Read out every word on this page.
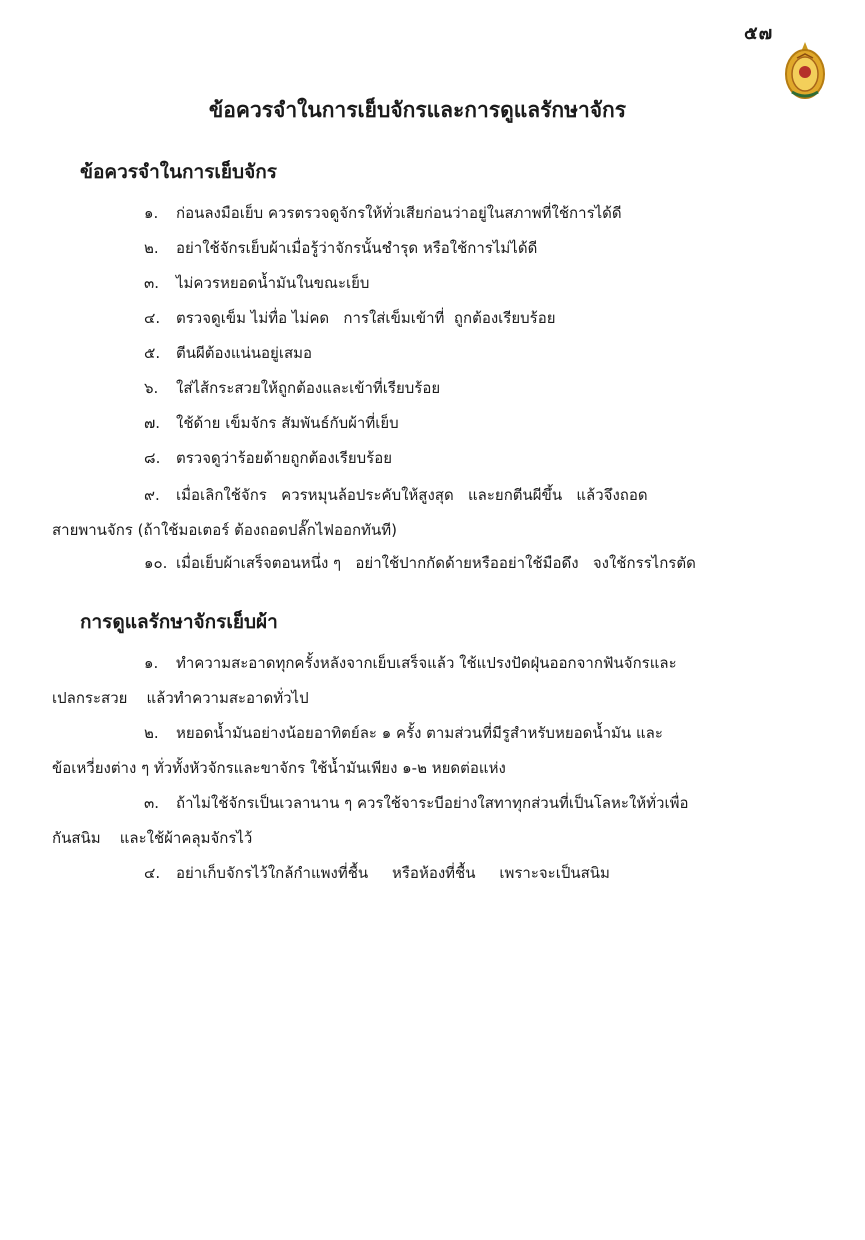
๕๗
ข้อควรจำในการเย็บจักรและการดูแลรักษาจักร
ข้อควรจำในการเย็บจักร
๑. ก่อนลงมือเย็บ ควรตรวจดูจักรให้ทั่วเสียก่อนว่าอยู่ในสภาพที่ใช้การได้ดี
๒. อย่าใช้จักรเย็บผ้าเมื่อรู้ว่าจักรนั้นชำรุด หรือใช้การไม่ได้ดี
๓. ไม่ควรหยอดน้ำมันในขณะเย็บ
๔. ตรวจดูเข็ม ไม่ทื่อ ไม่คด   การใส่เข็มเข้าที่  ถูกต้องเรียบร้อย
๕. ตีนผีต้องแน่นอยู่เสมอ
๖. ใส่ไส้กระสวยให้ถูกต้องและเข้าที่เรียบร้อย
๗. ใช้ด้าย เข็มจักร สัมพันธ์กับผ้าที่เย็บ
๘. ตรวจดูว่าร้อยด้ายถูกต้องเรียบร้อย
๙. เมื่อเลิกใช้จักร   ควรหมุนล้อประคับให้สูงสุด   และยกตีนผีขึ้น   แล้วจึงถอด
สายพานจักร (ถ้าใช้มอเตอร์ ต้องถอดปลั๊กไฟออกทันที)
๑๐. เมื่อเย็บผ้าเสร็จตอนหนึ่ง ๆ   อย่าใช้ปากกัดด้ายหรืออย่าใช้มือดึง   จงใช้กรรไกรตัด
การดูแลรักษาจักรเย็บผ้า
๑. ทำความสะอาดทุกครั้งหลังจากเย็บเสร็จแล้ว ใช้แปรงปัดฝุ่นออกจากฟันจักรและ
เปลกระสวย    แล้วทำความสะอาดทั่วไป
๒. หยอดน้ำมันอย่างน้อยอาทิตย์ละ ๑ ครั้ง ตามส่วนที่มีรูสำหรับหยอดน้ำมัน และ
ข้อเหวี่ยงต่าง ๆ ทั่วทั้งหัวจักรและขาจักร ใช้น้ำมันเพียง ๑-๒ หยดต่อแห่ง
๓. ถ้าไม่ใช้จักรเป็นเวลานาน ๆ ควรใช้จาระบีอย่างใสทาทุกส่วนที่เป็นโลหะให้ทั่วเพื่อ
กันสนิม    และใช้ผ้าคลุมจักรไว้
๔. อย่าเก็บจักรไว้ใกล้กำแพงที่ชื้น     หรือห้องที่ชื้น     เพราะจะเป็นสนิม
